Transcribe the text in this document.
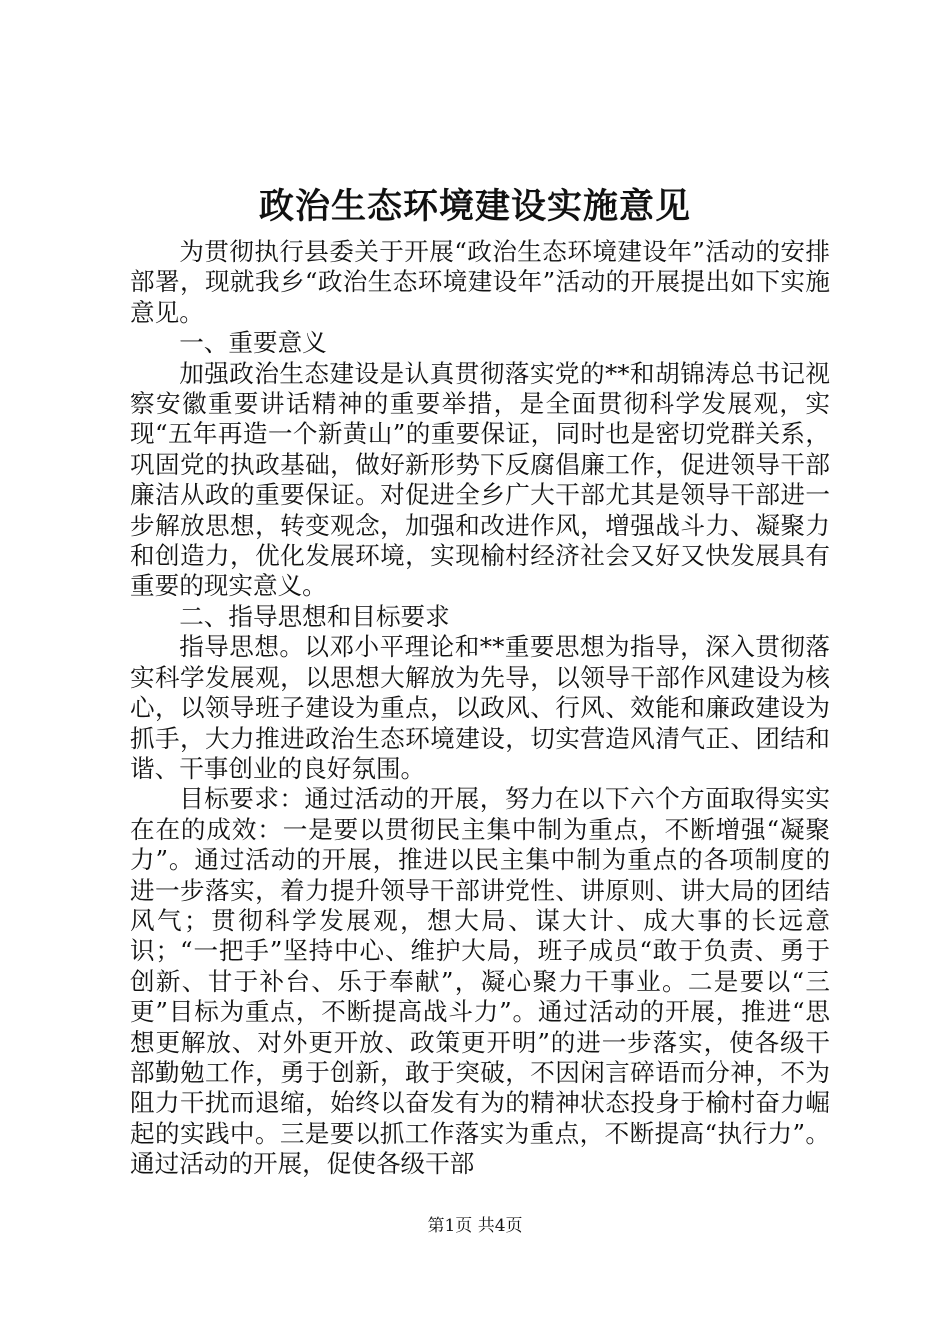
政治生态环境建设实施意见

为贯彻执行县委关于开展“政治生态环境建设年”活动的安排部署，现就我乡“政治生态环境建设年”活动的开展提出如下实施意见。

一、重要意义

加强政治生态建设是认真贯彻落实党的**和胡锦涛总书记视察安徽重要讲话精神的重要举措，是全面贯彻科学发展观，实现“五年再造一个新黄山”的重要保证，同时也是密切党群关系，巩固党的执政基础，做好新形势下反腐倡廉工作，促进领导干部廉洁从政的重要保证。对促进全乡广大干部尤其是领导干部进一步解放思想，转变观念，加强和改进作风，增强战斗力、凝聚力和创造力，优化发展环境，实现榆村经济社会又好又快发展具有重要的现实意义。

二、指导思想和目标要求

指导思想。以邓小平理论和**重要思想为指导，深入贯彻落实科学发展观，以思想大解放为先导，以领导干部作风建设为核心，以领导班子建设为重点，以政风、行风、效能和廉政建设为抓手，大力推进政治生态环境建设，切实营造风清气正、团结和谐、干事创业的良好氛围。

目标要求：通过活动的开展，努力在以下六个方面取得实实在在的成效：一是要以贯彻民主集中制为重点，不断增强“凝聚力”。通过活动的开展，推进以民主集中制为重点的各项制度的进一步落实，着力提升领导干部讲党性、讲原则、讲大局的团结风气；贯彻科学发展观，想大局、谋大计、成大事的长远意识；“一把手”坚持中心、维护大局，班子成员“敢于负责、勇于创新、甘于补台、乐于奉献”，凝心聚力干事业。二是要以“三更”目标为重点，不断提高战斗力”。通过活动的开展，推进“思想更解放、对外更开放、政策更开明”的进一步落实，使各级干部勤勉工作，勇于创新，敢于突破，不因闲言碎语而分神，不为阻力干扰而退缩，始终以奋发有为的精神状态投身于榆村奋力崛起的实践中。三是要以抓工作落实为重点，不断提高“执行力”。通过活动的开展，促使各级干部

第1页 共4页
